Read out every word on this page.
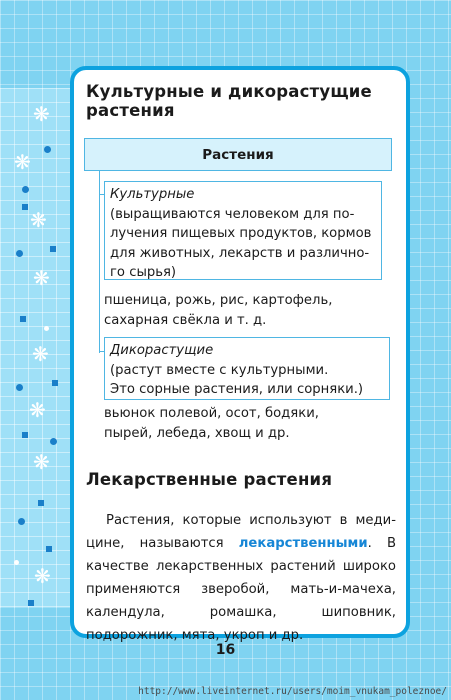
❋
❋
❋
❋
❋
❋
❋
❋
Культурные и дикорастущие растения
Растения
Культурные
(выращиваются человеком для по-
лучения пищевых продуктов, кормов
для животных, лекарств и различно-
го сырья)
пшеница, рожь, рис, картофель,
сахарная свёкла и т. д.
Дикорастущие
(растут вместе с культурными.
Это сорные растения, или сорняки.)
вьюнок полевой, осот, бодяки,
пырей, лебеда, хвощ и др.
Лекарственные растения
Растения, которые используют в меди-цине, называются лекарственными. В качестве лекарственных растений широко применяются зверобой, мать-и-мачеха, календула, ромашка, шиповник, подорожник, мята, укроп и др.
16
http://www.liveinternet.ru/users/moim_vnukam_poleznoe/
